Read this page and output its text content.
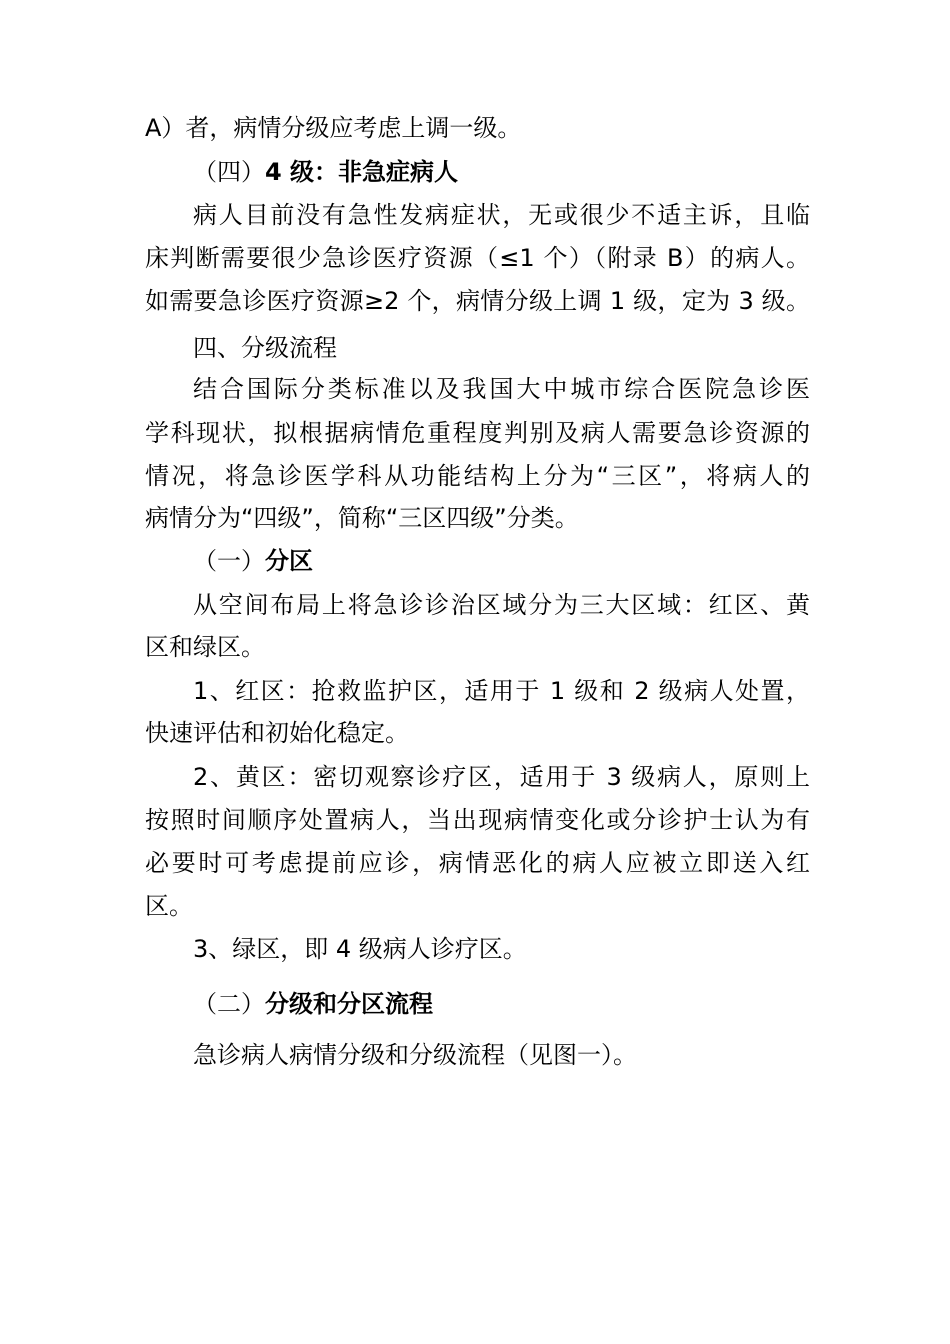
A）者，病情分级应考虑上调一级。
（四）4 级：非急症病人
病人目前没有急性发病症状，无或很少不适主诉，且临
床判断需要很少急诊医疗资源（≤1 个）（附录 B）的病人。
如需要急诊医疗资源≥2 个，病情分级上调 1 级，定为 3 级。
四、分级流程
结合国际分类标准以及我国大中城市综合医院急诊医
学科现状，拟根据病情危重程度判别及病人需要急诊资源的
情况，将急诊医学科从功能结构上分为“三区”，将病人的
病情分为“四级”，简称“三区四级”分类。
（一）分区
从空间布局上将急诊诊治区域分为三大区域：红区、黄
区和绿区。
1、红区：抢救监护区，适用于 1 级和 2 级病人处置，
快速评估和初始化稳定。
2、黄区：密切观察诊疗区，适用于 3 级病人，原则上
按照时间顺序处置病人，当出现病情变化或分诊护士认为有
必要时可考虑提前应诊，病情恶化的病人应被立即送入红
区。
3、绿区，即 4 级病人诊疗区。
（二）分级和分区流程
急诊病人病情分级和分级流程（见图一）。
